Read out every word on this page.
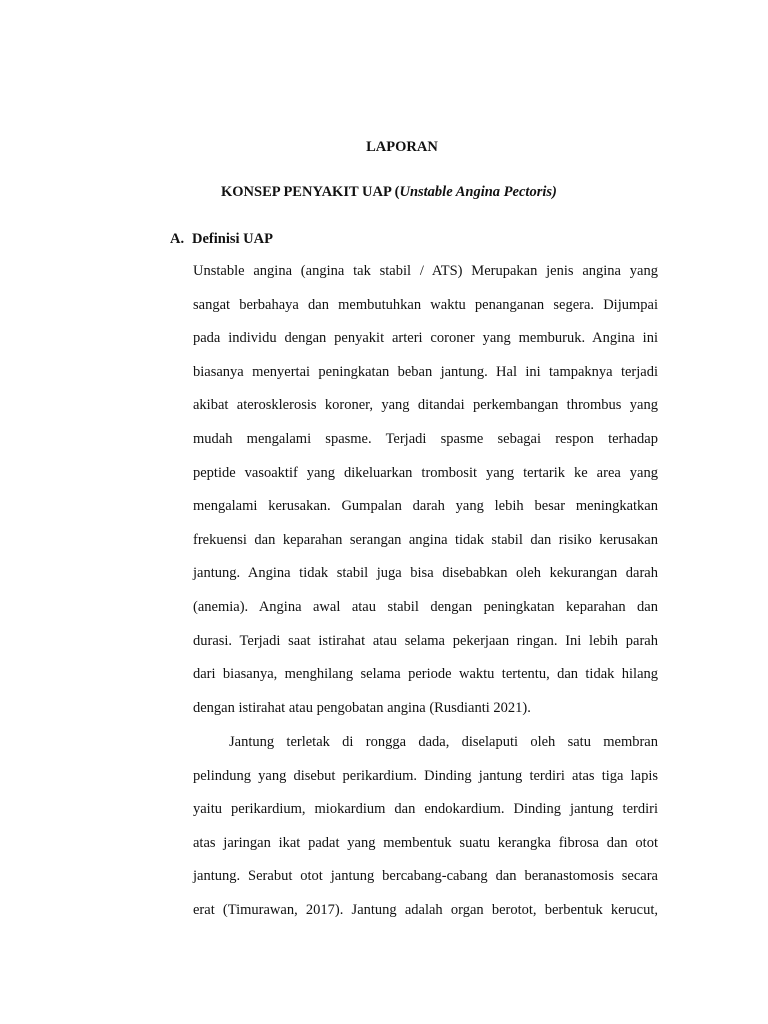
LAPORAN
KONSEP PENYAKIT UAP (Unstable Angina Pectoris)
A. Definisi UAP
Unstable angina (angina tak stabil / ATS) Merupakan jenis angina yang
sangat berbahaya dan membutuhkan waktu penanganan segera. Dijumpai
pada individu dengan penyakit arteri coroner yang memburuk. Angina ini
biasanya menyertai peningkatan beban jantung. Hal ini tampaknya terjadi
akibat aterosklerosis koroner, yang ditandai perkembangan thrombus yang
mudah mengalami spasme. Terjadi spasme sebagai respon terhadap
peptide vasoaktif yang dikeluarkan trombosit yang tertarik ke area yang
mengalami kerusakan. Gumpalan darah yang lebih besar meningkatkan
frekuensi dan keparahan serangan angina tidak stabil dan risiko kerusakan
jantung. Angina tidak stabil juga bisa disebabkan oleh kekurangan darah
(anemia). Angina awal atau stabil dengan peningkatan keparahan dan
durasi. Terjadi saat istirahat atau selama pekerjaan ringan. Ini lebih parah
dari biasanya, menghilang selama periode waktu tertentu, dan tidak hilang
dengan istirahat atau pengobatan angina (Rusdianti 2021).
Jantung terletak di rongga dada, diselaputi oleh satu membran
pelindung yang disebut perikardium. Dinding jantung terdiri atas tiga lapis
yaitu perikardium, miokardium dan endokardium. Dinding jantung terdiri
atas jaringan ikat padat yang membentuk suatu kerangka fibrosa dan otot
jantung. Serabut otot jantung bercabang-cabang dan beranastomosis secara
erat (Timurawan, 2017). Jantung adalah organ berotot, berbentuk kerucut,
